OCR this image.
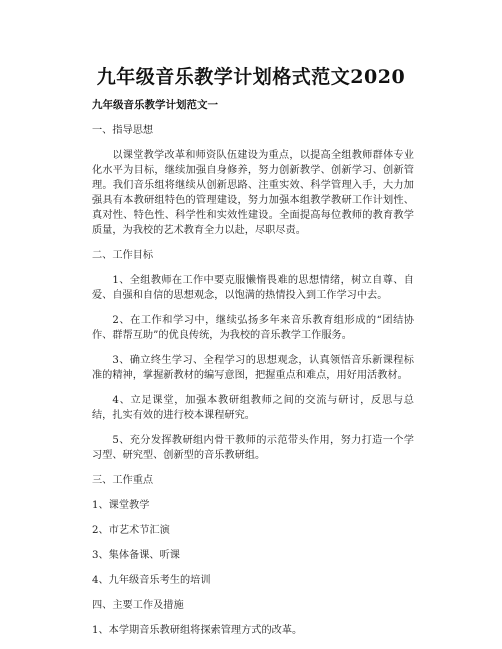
九年级音乐教学计划格式范文2020
九年级音乐教学计划范文一
一、指导思想
以课堂教学改革和师资队伍建设为重点，以提高全组教师群体专业化水平为目标，继续加强自身修养，努力创新教学、创新学习、创新管理。我们音乐组将继续从创新思路、注重实效、科学管理入手，大力加强具有本教研组特色的管理建设，努力加强本组教学教研工作计划性、真对性、特色性、科学性和实效性建设。全面提高每位教师的教育教学质量，为我校的艺术教育全力以赴，尽职尽责。
二、工作目标
1、全组教师在工作中要克服懒惰畏难的思想情绪，树立自尊、自爱、自强和自信的思想观念，以饱满的热情投入到工作学习中去。
2、在工作和学习中，继续弘扬多年来音乐教育组形成的“团结协作、群帮互助”的优良传统，为我校的音乐教学工作服务。
3、确立终生学习、全程学习的思想观念，认真领悟音乐新课程标准的精神，掌握新教材的编写意图，把握重点和难点，用好用活教材。
4、立足课堂，加强本教研组教师之间的交流与研讨，反思与总结，扎实有效的进行校本课程研究。
5、充分发挥教研组内骨干教师的示范带头作用，努力打造一个学习型、研究型、创新型的音乐教研组。
三、工作重点
1、课堂教学
2、市艺术节汇演
3、集体备课、听课
4、九年级音乐考生的培训
四、主要工作及措施
1、本学期音乐教研组将探索管理方式的改革。
